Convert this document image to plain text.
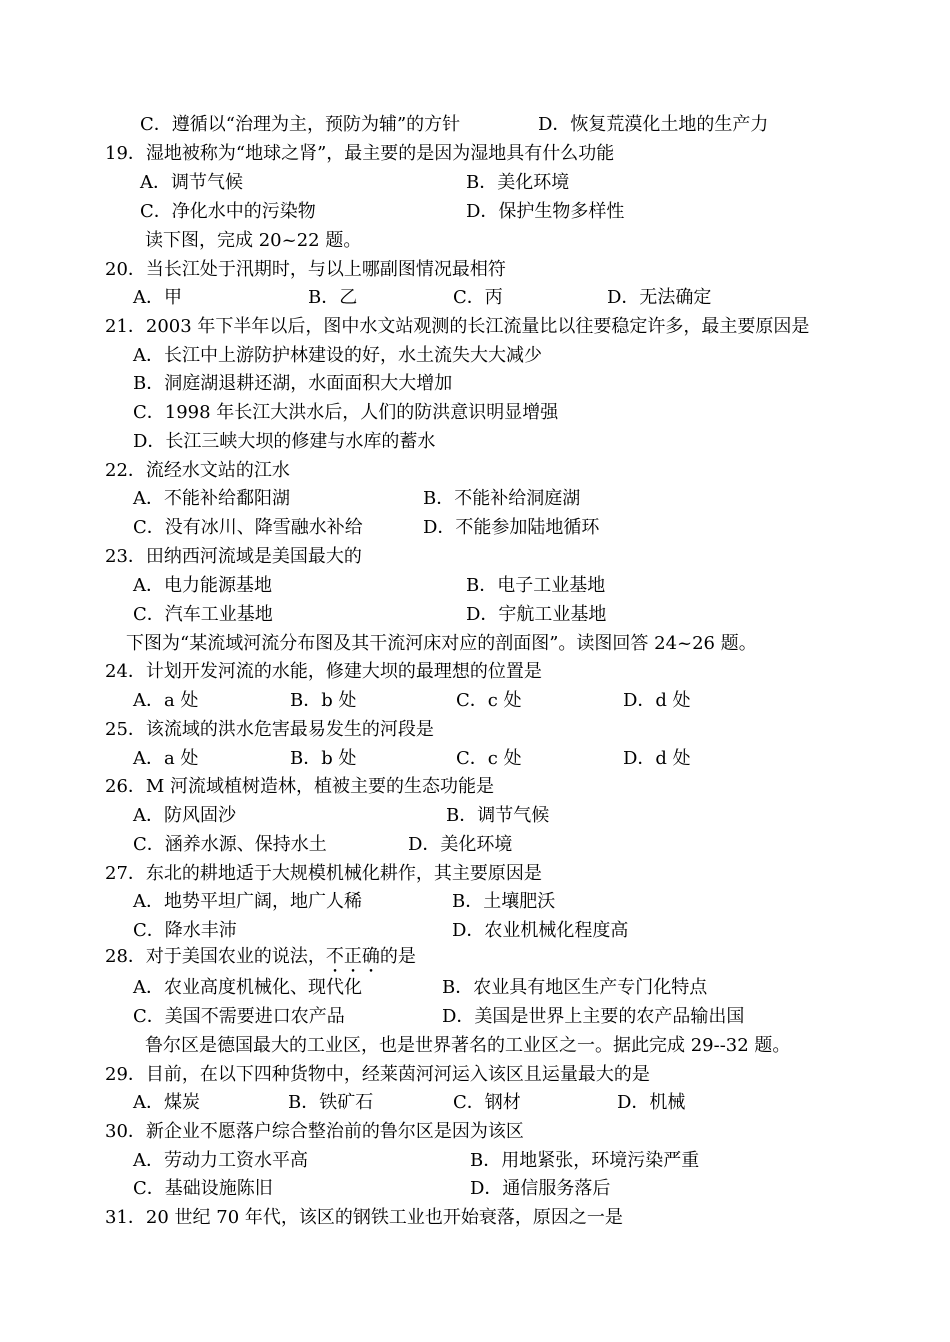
C．遵循以“治理为主，预防为辅”的方针	D．恢复荒漠化土地的生产力
19．湿地被称为“地球之肾”，最主要的是因为湿地具有什么功能
A．调节气候	B．美化环境
C．净化水中的污染物	D．保护生物多样性
读下图，完成 20~22 题。
20．当长江处于汛期时，与以上哪副图情况最相符
A．甲	B．乙	C．丙	D．无法确定
21．2003 年下半年以后，图中水文站观测的长江流量比以往要稳定许多，最主要原因是
A．长江中上游防护林建设的好，水土流失大大减少
B．洞庭湖退耕还湖，水面面积大大增加
C．1998 年长江大洪水后，人们的防洪意识明显增强
D．长江三峡大坝的修建与水库的蓄水
22．流经水文站的江水
A．不能补给鄱阳湖	B．不能补给洞庭湖
C．没有冰川、降雪融水补给	D．不能参加陆地循环
23．田纳西河流域是美国最大的
A．电力能源基地	B．电子工业基地
C．汽车工业基地	D．宇航工业基地
下图为“某流域河流分布图及其干流河床对应的剖面图”。读图回答 24~26 题。
24．计划开发河流的水能，修建大坝的最理想的位置是
A．a 处	B．b 处	C．c 处	D．d 处
25．该流域的洪水危害最易发生的河段是
A．a 处	B．b 处	C．c 处	D．d 处
26．M 河流域植树造林，植被主要的生态功能是
A．防风固沙	B．调节气候
C．涵养水源、保持水土	D．美化环境
27．东北的耕地适于大规模机械化耕作，其主要原因是
A．地势平坦广阔，地广人稀	B．土壤肥沃
C．降水丰沛	D．农业机械化程度高
28．对于美国农业的说法，不正确的是
A．农业高度机械化、现代化	B．农业具有地区生产专门化特点
C．美国不需要进口农产品	D．美国是世界上主要的农产品输出国
鲁尔区是德国最大的工业区，也是世界著名的工业区之一。据此完成 29--32 题。
29．目前，在以下四种货物中，经莱茵河河运入该区且运量最大的是
A．煤炭	B．铁矿石	C．钢材	D．机械
30．新企业不愿落户综合整治前的鲁尔区是因为该区
A．劳动力工资水平高	B．用地紧张，环境污染严重
C．基础设施陈旧	D．通信服务落后
31．20 世纪 70 年代，该区的钢铁工业也开始衰落，原因之一是
